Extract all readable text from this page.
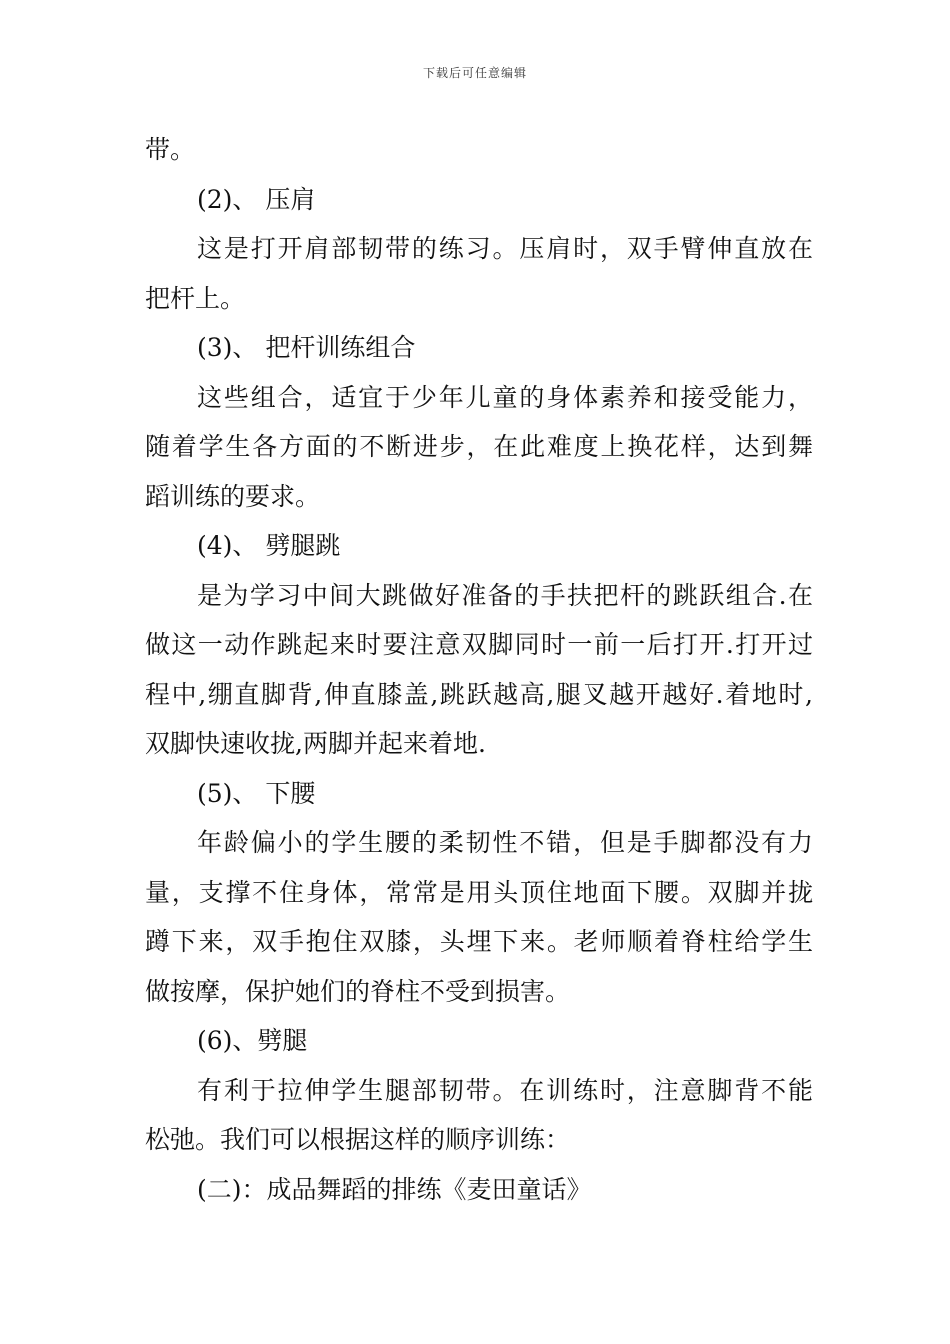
下载后可任意编辑
带。
(2)、 压肩
这是打开肩部韧带的练习。压肩时，双手臂伸直放在
把杆上。
(3)、 把杆训练组合
这些组合，适宜于少年儿童的身体素养和接受能力，
随着学生各方面的不断进步，在此难度上换花样，达到舞
蹈训练的要求。
(4)、 劈腿跳
是为学习中间大跳做好准备的手扶把杆的跳跃组合.在
做这一动作跳起来时要注意双脚同时一前一后打开.打开过
程中,绷直脚背,伸直膝盖,跳跃越高,腿叉越开越好.着地时,
双脚快速收拢,两脚并起来着地.
(5)、 下腰
年龄偏小的学生腰的柔韧性不错，但是手脚都没有力
量，支撑不住身体，常常是用头顶住地面下腰。双脚并拢
蹲下来，双手抱住双膝，头埋下来。老师顺着脊柱给学生
做按摩，保护她们的脊柱不受到损害。
(6)、劈腿
有利于拉伸学生腿部韧带。在训练时，注意脚背不能
松弛。我们可以根据这样的顺序训练：
(二)：成品舞蹈的排练《麦田童话》
